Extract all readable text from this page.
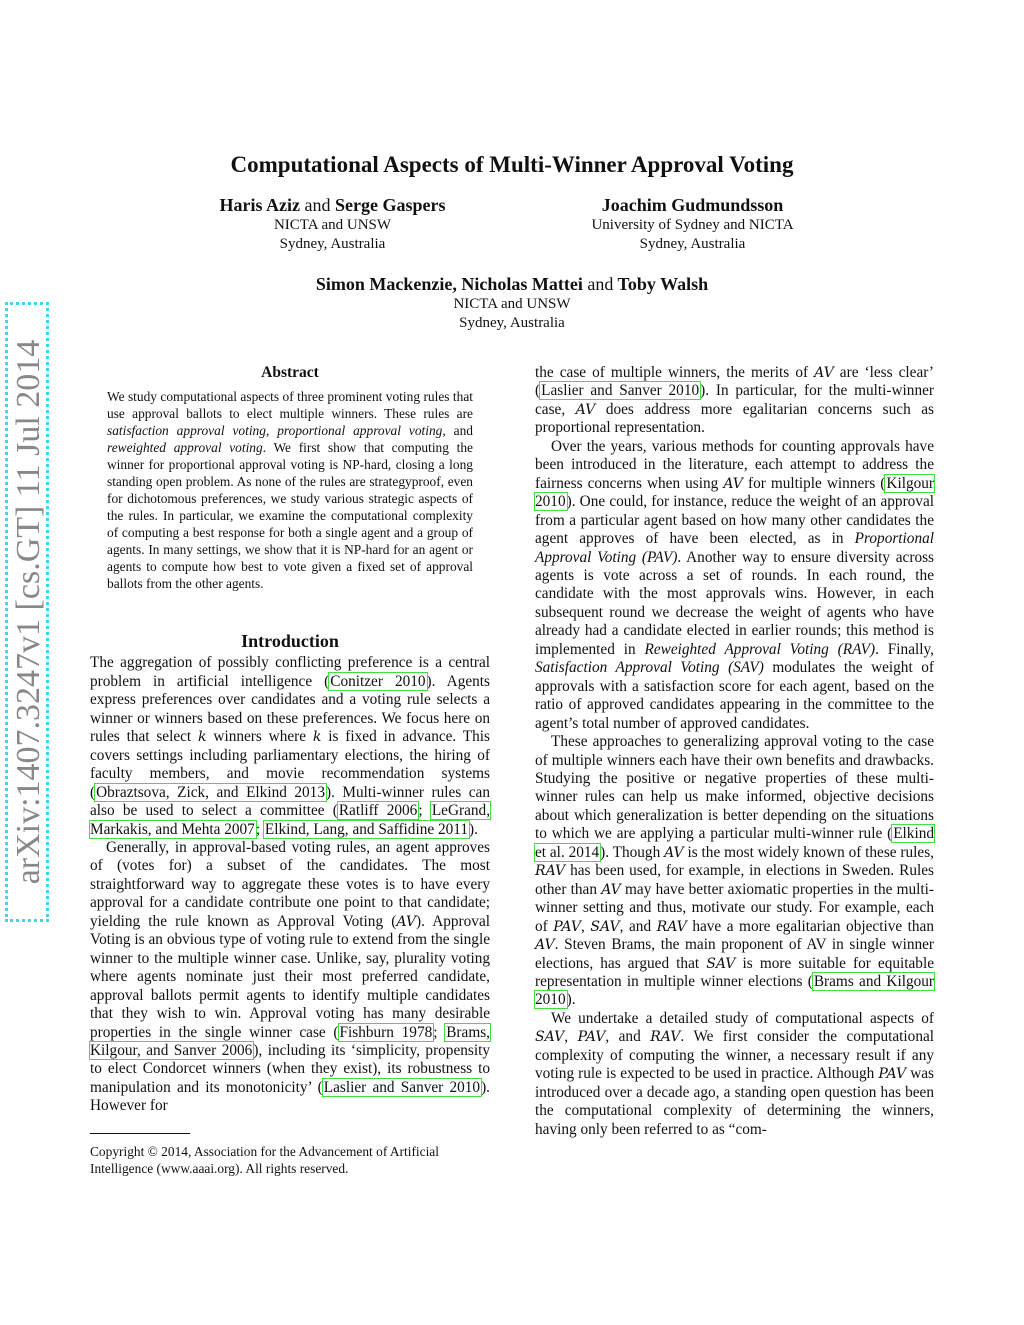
Computational Aspects of Multi-Winner Approval Voting
Haris Aziz and Serge Gaspers
NICTA and UNSW
Sydney, Australia
Joachim Gudmundsson
University of Sydney and NICTA
Sydney, Australia
Simon Mackenzie, Nicholas Mattei and Toby Walsh
NICTA and UNSW
Sydney, Australia
arXiv:1407.3247v1 [cs.GT] 11 Jul 2014	Abstract
We study computational aspects of three prominent voting rules that use approval ballots to elect multiple winners. These rules are satisfaction approval voting, proportional approval voting, and reweighted approval voting. We first show that computing the winner for proportional approval voting is NP-hard, closing a long standing open problem. As none of the rules are strategyproof, even for dichotomous preferences, we study various strategic aspects of the rules. In particular, we examine the computational complexity of computing a best response for both a single agent and a group of agents. In many settings, we show that it is NP-hard for an agent or agents to compute how best to vote given a fixed set of approval ballots from the other agents.
Introduction

The aggregation of possibly conflicting preference is a central problem in artificial intelligence (Conitzer 2010). Agents express preferences over candidates and a voting rule selects a winner or winners based on these preferences. We focus here on rules that select k winners where k is fixed in advance. This covers settings including parliamentary elections, the hiring of faculty members, and movie recommendation systems (Obraztsova, Zick, and Elkind 2013). Multi-winner rules can also be used to select a committee (Ratliff 2006; LeGrand, Markakis, and Mehta 2007; Elkind, Lang, and Saffidine 2011).

Generally, in approval-based voting rules, an agent approves of (votes for) a subset of the candidates. The most straightforward way to aggregate these votes is to have every approval for a candidate contribute one point to that candidate; yielding the rule known as Approval Voting (AV). Approval Voting is an obvious type of voting rule to extend from the single winner to the multiple winner case. Unlike, say, plurality voting where agents nominate just their most preferred candidate, approval ballots permit agents to identify multiple candidates that they wish to win. Approval voting has many desirable properties in the single winner case (Fishburn 1978; Brams, Kilgour, and Sanver 2006), including its ‘simplicity, propensity to elect Condorcet winners (when they exist), its robustness to manipulation and its monotonicity’ (Laslier and Sanver 2010). However for

Copyright © 2014, Association for the Advancement of Artificial Intelligence (www.aaai.org). All rights reserved.

the case of multiple winners, the merits of AV are ‘less clear’ (Laslier and Sanver 2010). In particular, for the multi-winner case, AV does address more egalitarian concerns such as proportional representation.

Over the years, various methods for counting approvals have been introduced in the literature, each attempt to address the fairness concerns when using AV for multiple winners (Kilgour 2010). One could, for instance, reduce the weight of an approval from a particular agent based on how many other candidates the agent approves of have been elected, as in Proportional Approval Voting (PAV). Another way to ensure diversity across agents is vote across a set of rounds. In each round, the candidate with the most approvals wins. However, in each subsequent round we decrease the weight of agents who have already had a candidate elected in earlier rounds; this method is implemented in Reweighted Approval Voting (RAV). Finally, Satisfaction Approval Voting (SAV) modulates the weight of approvals with a satisfaction score for each agent, based on the ratio of approved candidates appearing in the committee to the agent’s total number of approved candidates.

These approaches to generalizing approval voting to the case of multiple winners each have their own benefits and drawbacks. Studying the positive or negative properties of these multi-winner rules can help us make informed, objective decisions about which generalization is better depending on the situations to which we are applying a particular multi-winner rule (Elkind et al. 2014). Though AV is the most widely known of these rules, RAV has been used, for example, in elections in Sweden. Rules other than AV may have better axiomatic properties in the multi-winner setting and thus, motivate our study. For example, each of PAV, SAV, and RAV have a more egalitarian objective than AV. Steven Brams, the main proponent of AV in single winner elections, has argued that SAV is more suitable for equitable representation in multiple winner elections (Brams and Kilgour 2010).

We undertake a detailed study of computational aspects of SAV, PAV, and RAV. We first consider the computational complexity of computing the winner, a necessary result if any voting rule is expected to be used in practice. Although PAV was introduced over a decade ago, a standing open question has been the computational complexity of determining the winners, having only been referred to as “com-
